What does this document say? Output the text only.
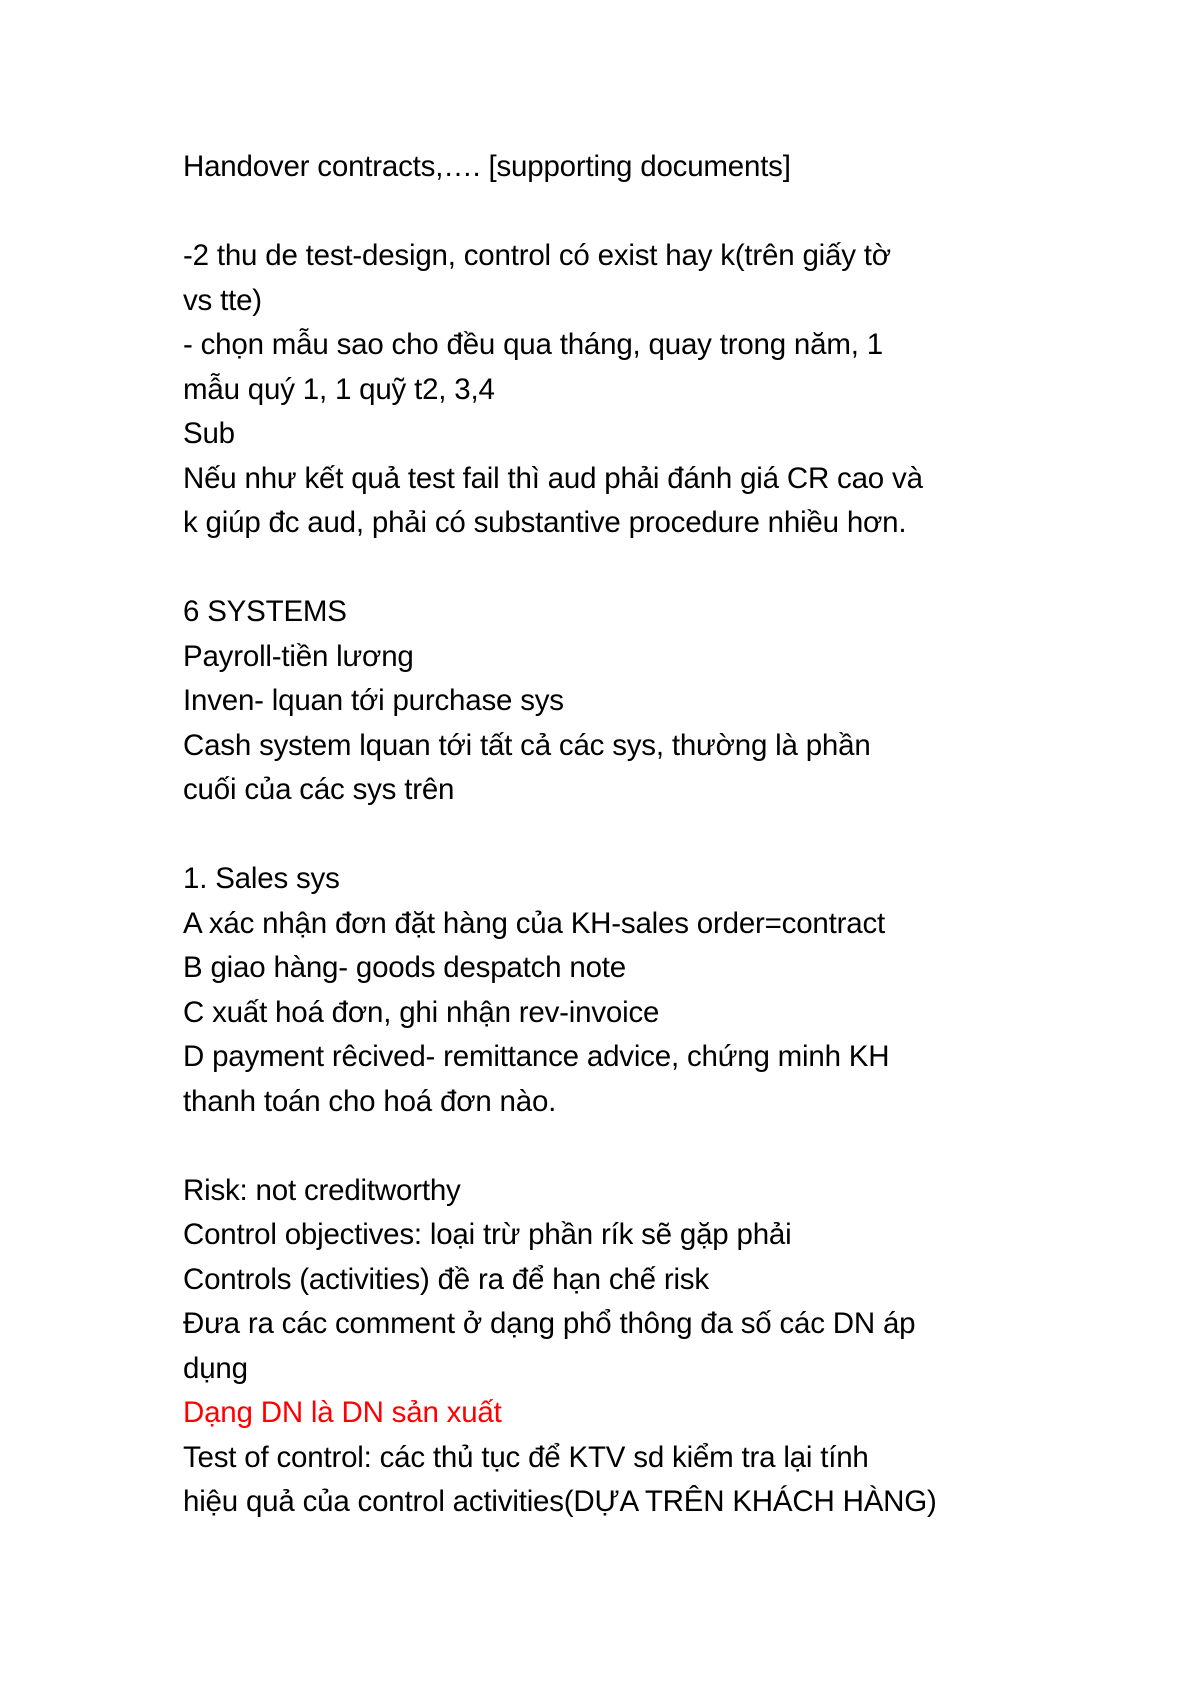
Handover contracts,…. [supporting documents]
-2 thu de test-design, control có exist hay k(trên giấy tờ
vs tte)
- chọn mẫu sao cho đều qua tháng, quay trong năm, 1
mẫu quý 1, 1 quỹ t2, 3,4
Sub
Nếu như kết quả test fail thì aud phải đánh giá CR cao và
k giúp đc aud, phải có substantive procedure nhiều hơn.
6 SYSTEMS
Payroll-tiền lương
Inven- lquan tới purchase sys
Cash system lquan tới tất cả các sys, thường là phần
cuối của các sys trên
1. Sales sys
A xác nhận đơn đặt hàng của KH-sales order=contract
B giao hàng- goods despatch note
C xuất hoá đơn, ghi nhận rev-invoice
D payment rêcived- remittance advice, chứng minh KH
thanh toán cho hoá đơn nào.
Risk: not creditworthy
Control objectives: loại trừ phần rík sẽ gặp phải
Controls (activities) đề ra để hạn chế risk
Đưa ra các comment ở dạng phổ thông đa số các DN áp
dụng
Dạng DN là DN sản xuất
Test of control: các thủ tục để KTV sd kiểm tra lại tính
hiệu quả của control activities(DỰA TRÊN KHÁCH HÀNG)
